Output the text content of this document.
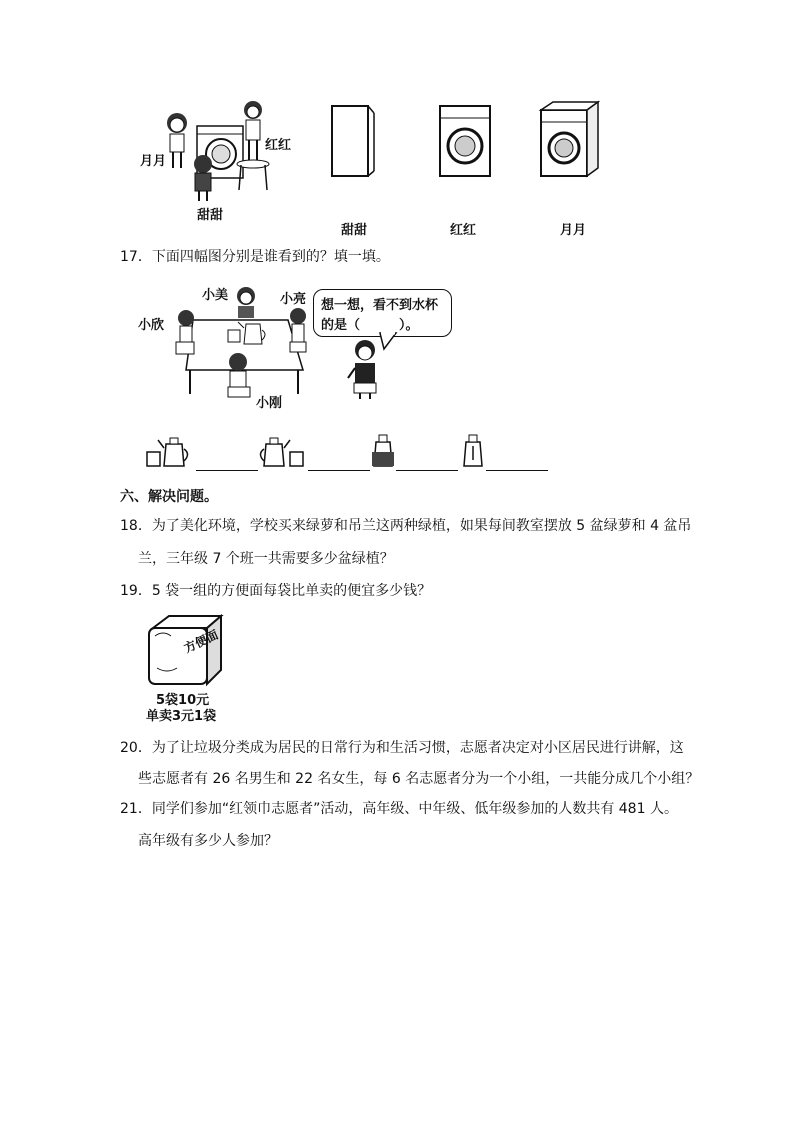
月月
红红
甜甜
甜甜	红红	月月
17．下面四幅图分别是谁看到的？填一填。
小美	小亮
小欣
小刚
想一想，看不到水杯
的是（　　　）。
六、解决问题。
18．为了美化环境，学校买来绿萝和吊兰这两种绿植，如果每间教室摆放 5 盆绿萝和 4 盆吊
兰，三年级 7 个班一共需要多少盆绿植？
19．5 袋一组的方便面每袋比单卖的便宜多少钱？
方便面
5袋10元
单卖3元1袋
20．为了让垃圾分类成为居民的日常行为和生活习惯，志愿者决定对小区居民进行讲解，这
些志愿者有 26 名男生和 22 名女生，每 6 名志愿者分为一个小组，一共能分成几个小组？
21．同学们参加“红领巾志愿者”活动，高年级、中年级、低年级参加的人数共有 481 人。
高年级有多少人参加？
